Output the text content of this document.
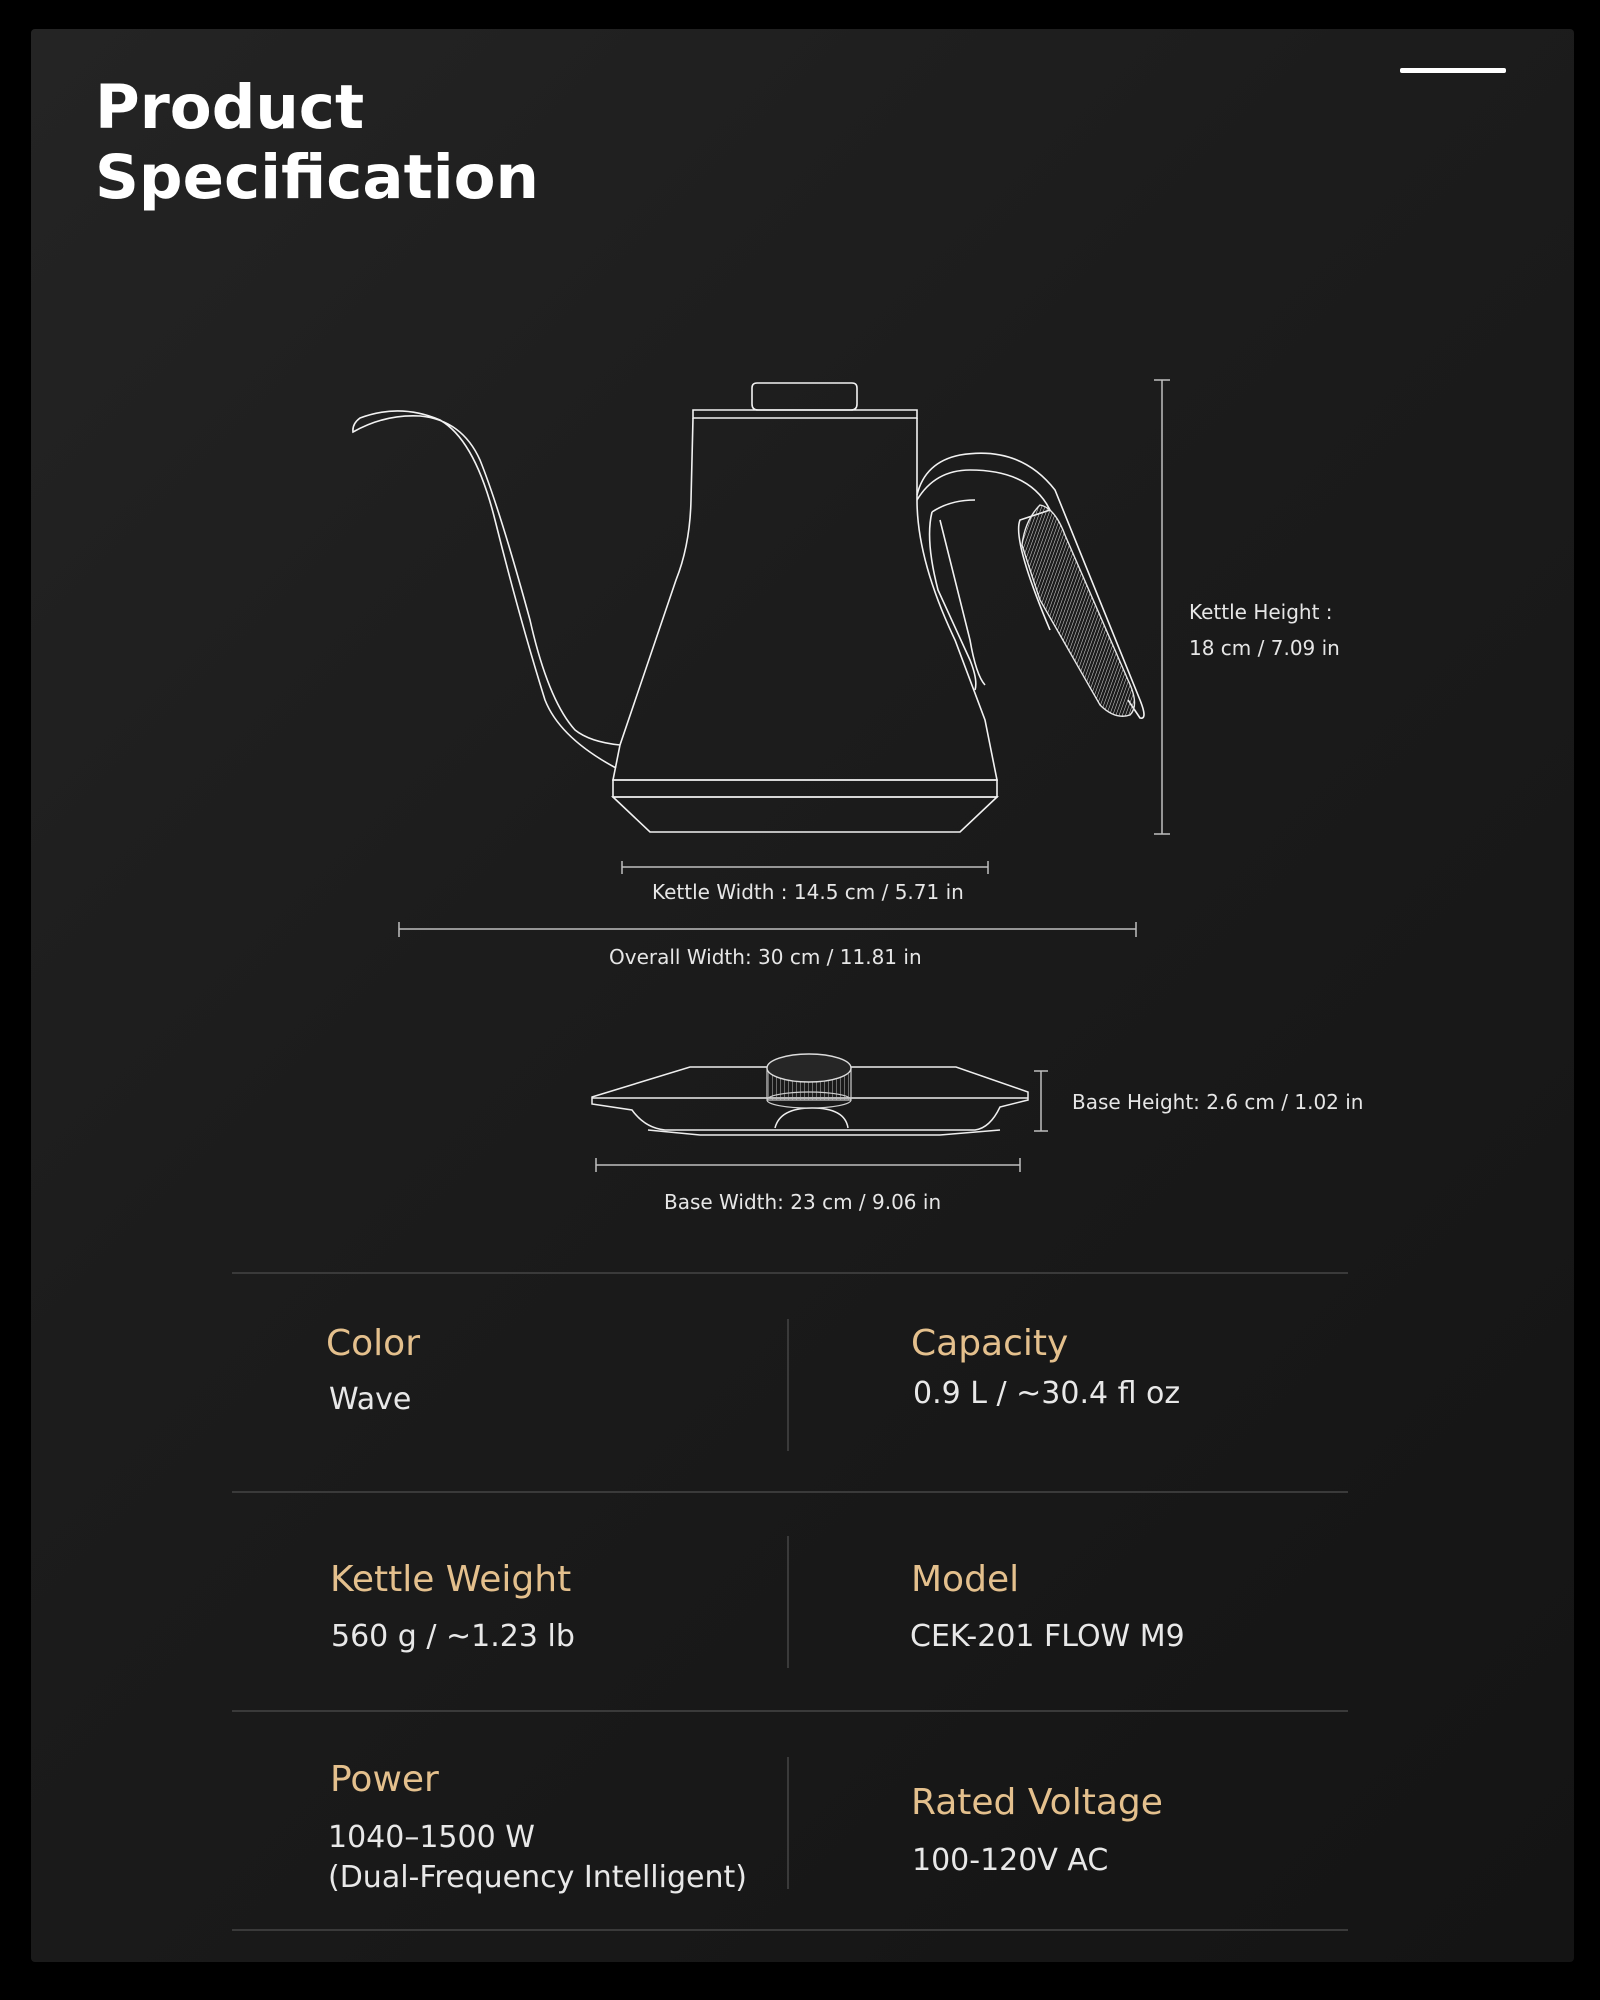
Product
Specification
Kettle Height :
18 cm / 7.09 in
Kettle Width : 14.5 cm / 5.71 in
Overall Width: 30 cm / 11.81 in
Base Height: 2.6 cm / 1.02 in
Base Width: 23 cm / 9.06 in
Color
Wave
Capacity
0.9 L / ~30.4 fl oz
Kettle Weight
560 g / ~1.23 lb
Model
CEK-201 FLOW M9
Power
1040–1500 W
(Dual-Frequency Intelligent)
Rated Voltage
100-120V AC
